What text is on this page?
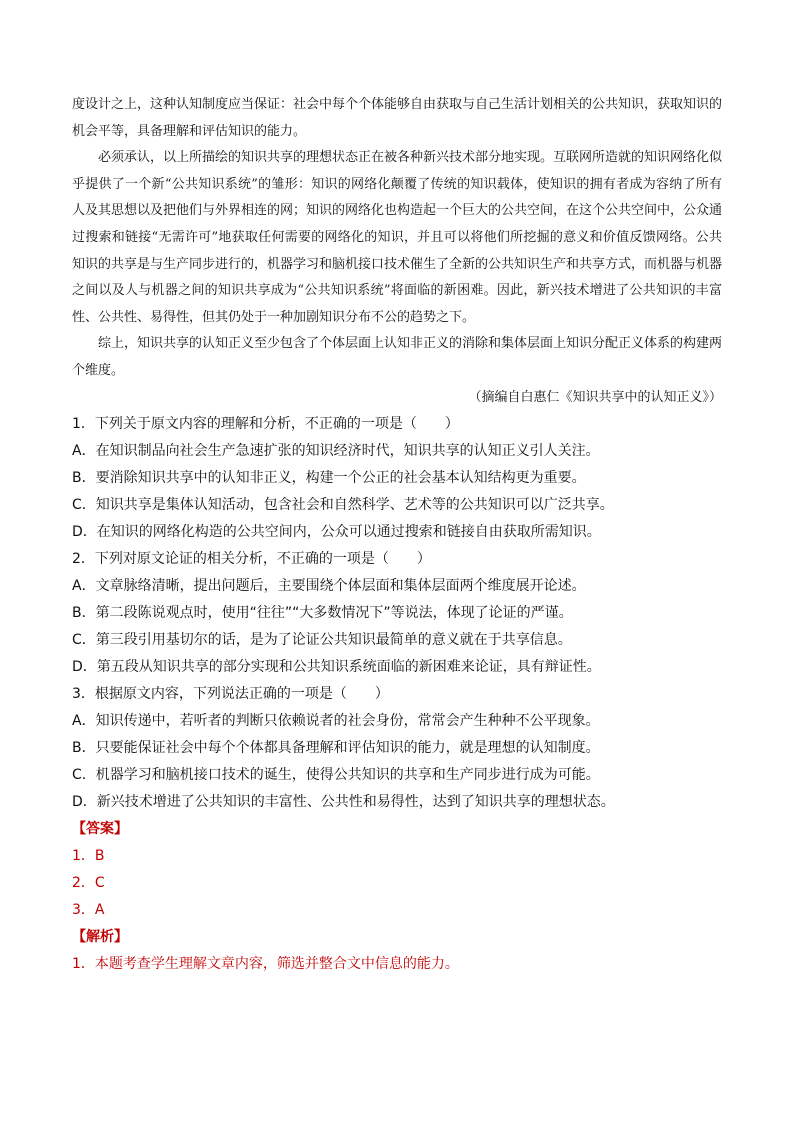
度设计之上，这种认知制度应当保证：社会中每个个体能够自由获取与自己生活计划相关的公共知识，获取知识的机会平等，具备理解和评估知识的能力。

必须承认，以上所描绘的知识共享的理想状态正在被各种新兴技术部分地实现。互联网所造就的知识网络化似乎提供了一个新“公共知识系统”的雏形：知识的网络化颠覆了传统的知识载体，使知识的拥有者成为容纳了所有人及其思想以及把他们与外界相连的网；知识的网络化也构造起一个巨大的公共空间，在这个公共空间中，公众通过搜索和链接“无需许可”地获取任何需要的网络化的知识，并且可以将他们所挖掘的意义和价值反馈网络。公共知识的共享是与生产同步进行的，机器学习和脑机接口技术催生了全新的公共知识生产和共享方式，而机器与机器之间以及人与机器之间的知识共享成为“公共知识系统”将面临的新困难。因此，新兴技术增进了公共知识的丰富性、公共性、易得性，但其仍处于一种加剧知识分布不公的趋势之下。

综上，知识共享的认知正义至少包含了个体层面上认知非正义的消除和集体层面上知识分配正义体系的构建两个维度。

（摘编自白惠仁《知识共享中的认知正义》）

1．下列关于原文内容的理解和分析，不正确的一项是（　　）

A．在知识制品向社会生产急速扩张的知识经济时代，知识共享的认知正义引人关注。

B．要消除知识共享中的认知非正义，构建一个公正的社会基本认知结构更为重要。

C．知识共享是集体认知活动，包含社会和自然科学、艺术等的公共知识可以广泛共享。

D．在知识的网络化构造的公共空间内，公众可以通过搜索和链接自由获取所需知识。

2．下列对原文论证的相关分析，不正确的一项是（　　）

A．文章脉络清晰，提出问题后，主要围绕个体层面和集体层面两个维度展开论述。

B．第二段陈说观点时，使用“往往”“大多数情况下”等说法，体现了论证的严谨。

C．第三段引用基切尔的话，是为了论证公共知识最简单的意义就在于共享信息。

D．第五段从知识共享的部分实现和公共知识系统面临的新困难来论证，具有辩证性。

3．根据原文内容，下列说法正确的一项是（　　）

A．知识传递中，若听者的判断只依赖说者的社会身份，常常会产生种种不公平现象。

B．只要能保证社会中每个个体都具备理解和评估知识的能力，就是理想的认知制度。

C．机器学习和脑机接口技术的诞生，使得公共知识的共享和生产同步进行成为可能。

D．新兴技术增进了公共知识的丰富性、公共性和易得性，达到了知识共享的理想状态。

【答案】

1．B

2．C

3．A

【解析】

1．本题考查学生理解文章内容，筛选并整合文中信息的能力。
